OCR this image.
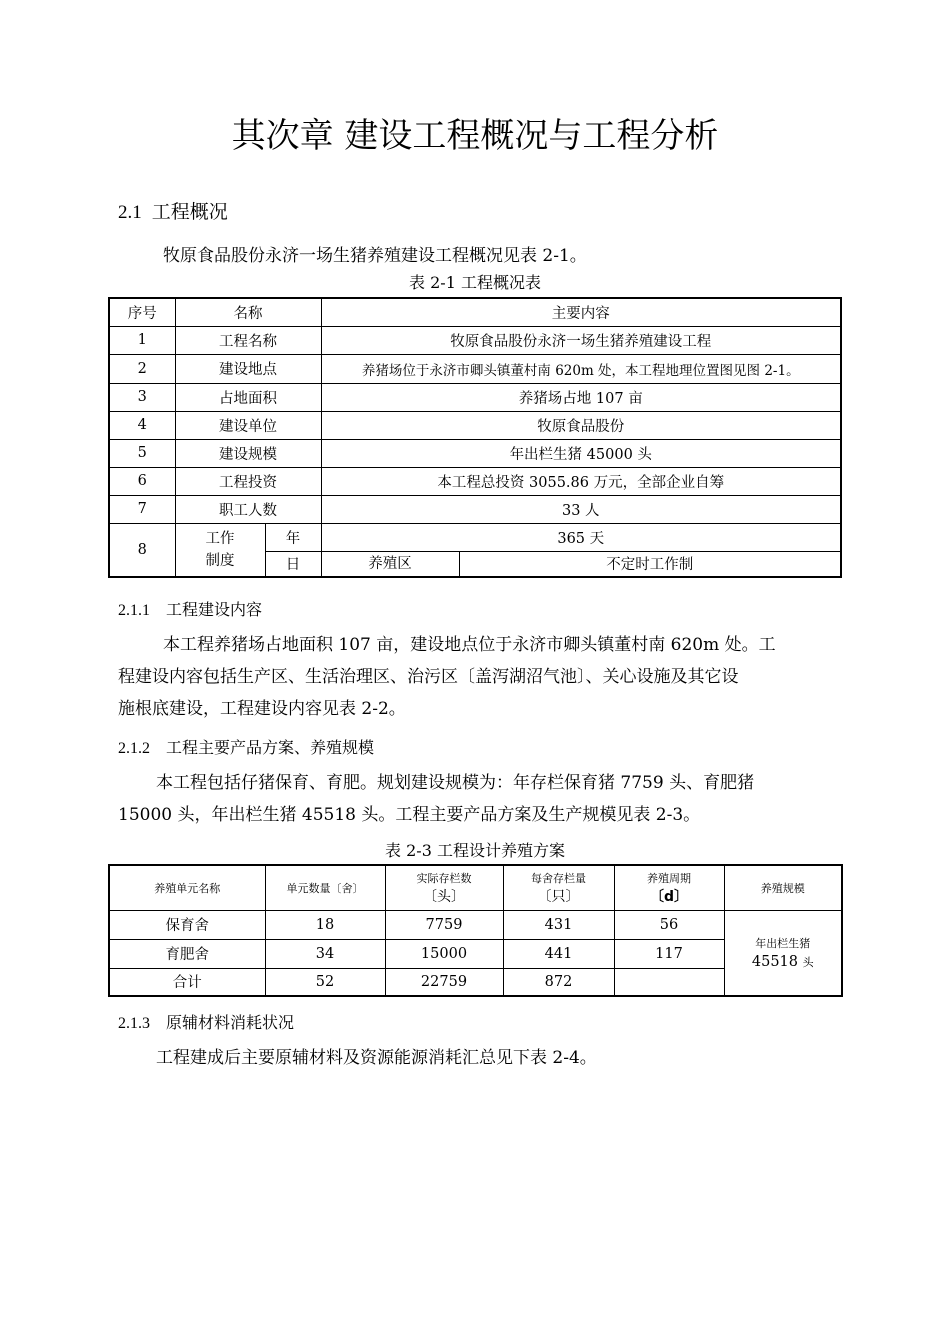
其次章 建设工程概况与工程分析
2.1 工程概况
牧原食品股份永济一场生猪养殖建设工程概况见表 2-1。
表 2-1 工程概况表
序号	名称		主要内容	
1	工程名称		牧原食品股份永济一场生猪养殖建设工程	
2	建设地点		养猪场位于永济市卿头镇董村南 620m 处，本工程地理位置图见图 2-1。	
3	占地面积		养猪场占地 107 亩	
4	建设单位		牧原食品股份	
5	建设规模		年出栏生猪 45000 头	
6	工程投资		本工程总投资 3055.86 万元，全部企业自筹	
7	职工人数		33 人	
8	工作
制度	年	365 天	
		日	养殖区	不定时工作制
2.1.1 工程建设内容
本工程养猪场占地面积 107 亩，建设地点位于永济市卿头镇董村南 620m 处。工
程建设内容包括生产区、生活治理区、治污区〔盖泻湖沼气池〕、关心设施及其它设
施根底建设，工程建设内容见表 2-2。
2.1.2 工程主要产品方案、养殖规模
本工程包括仔猪保育、育肥。规划建设规模为：年存栏保育猪 7759 头、育肥猪
15000 头，年出栏生猪 45518 头。工程主要产品方案及生产规模见表 2-3。
表 2-3 工程设计养殖方案
养殖单元名称	单元数量〔舍〕	实际存栏数
〔头〕	每舍存栏量
〔只〕	养殖周期
〔d〕	养殖规模
保育舍	18	7759	431	56	年出栏生猪
45518 头
育肥舍	34	15000	441	117	
合计	52	22759	872		
2.1.3 原辅材料消耗状况
工程建成后主要原辅材料及资源能源消耗汇总见下表 2-4。
